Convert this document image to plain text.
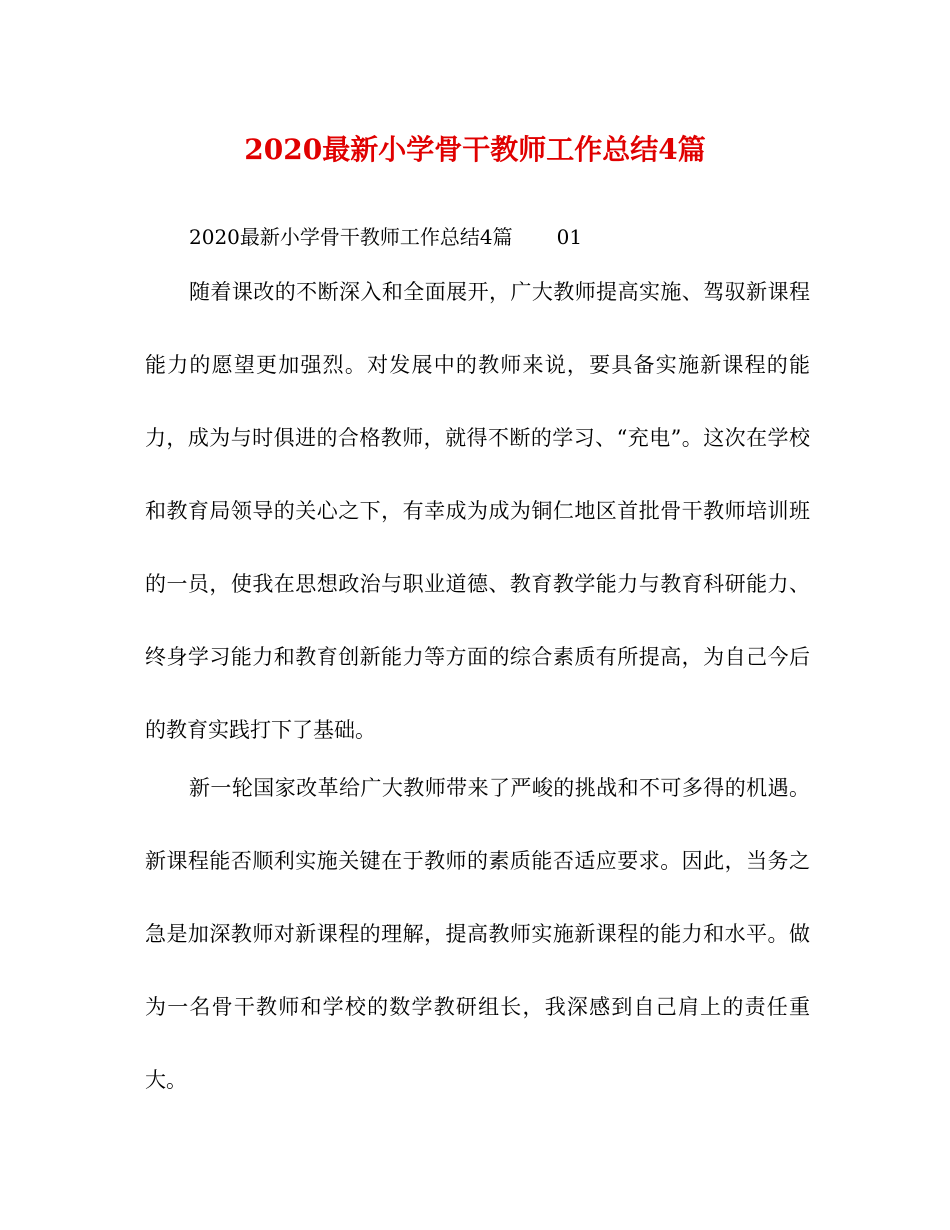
2020最新小学骨干教师工作总结4篇
2020最新小学骨干教师工作总结4篇 01

随着课改的不断深入和全面展开，广大教师提高实施、驾驭新课程能力的愿望更加强烈。对发展中的教师来说，要具备实施新课程的能力，成为与时俱进的合格教师，就得不断的学习、“充电”。这次在学校和教育局领导的关心之下，有幸成为成为铜仁地区首批骨干教师培训班的一员，使我在思想政治与职业道德、教育教学能力与教育科研能力、终身学习能力和教育创新能力等方面的综合素质有所提高，为自己今后的教育实践打下了基础。

新一轮国家改革给广大教师带来了严峻的挑战和不可多得的机遇。新课程能否顺利实施关键在于教师的素质能否适应要求。因此，当务之急是加深教师对新课程的理解，提高教师实施新课程的能力和水平。做为一名骨干教师和学校的数学教研组长，我深感到自己肩上的责任重大。
